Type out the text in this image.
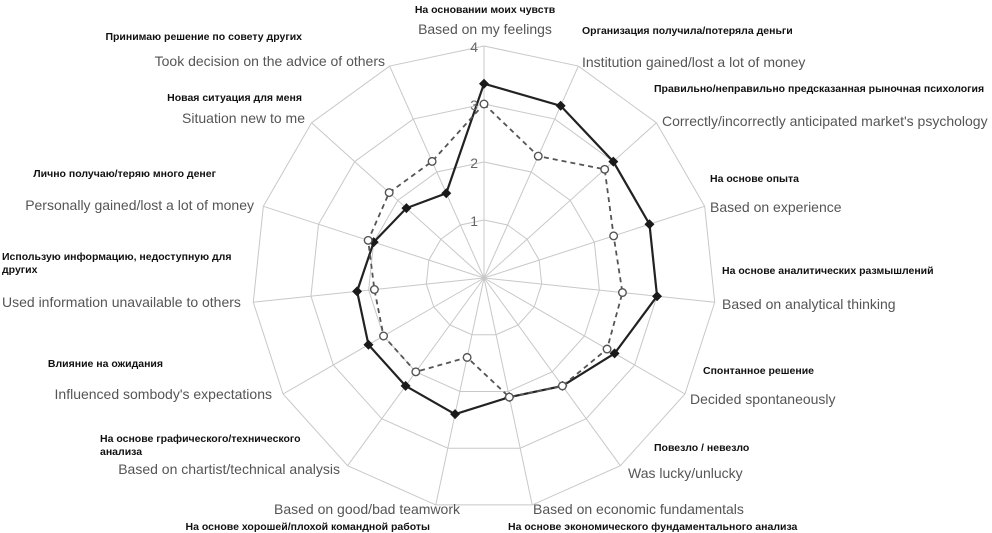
1
2
3
4
На основании моих чувств
Based on my feelings	Организация получила/потеряла деньги
Institution gained/lost a lot of money
Правильно/неправильно предсказанная рыночная психология
Correctly/incorrectly anticipated market's psychology
На основе опыта
Based on experience
На основе аналитических размышлений
Based on analytical thinking
Спонтанное решение
Decided spontaneously
Повезло / невезло
Was lucky/unlucky
На основе экономического фундаментального анализа
Based on economic fundamentals
На основе хорошей/плохой командной работы
Based on good/bad teamwork
На основе графического/технического анализа
Based on chartist/technical analysis
Влияние на ожидания
Influenced sombody's expectations
Использую информацию, недоступную для других
Used information unavailable to others
Лично получаю/теряю много денег
Personally gained/lost a lot of money
Новая ситуация для меня
Situation new to me
Принимаю решение по совету других
Took decision on the advice of others
